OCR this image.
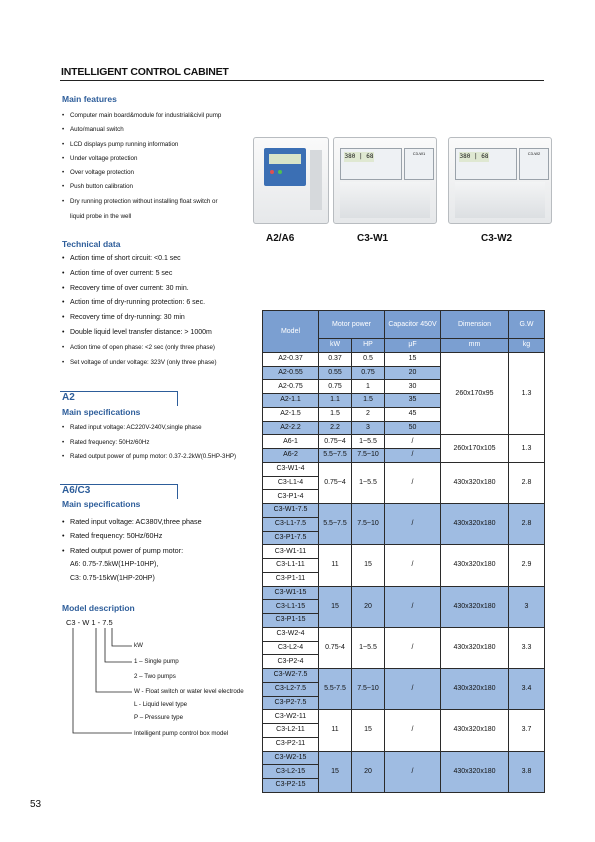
INTELLIGENT CONTROL CABINET
Main features
• Computer main board&module for industrial&civil pump
• Auto/manual switch
• LCD displays pump running information
• Under voltage protection
• Over voltage protection
• Push button calibration
• Dry running protection without installing float switch or
liquid probe in the well
Technical data
• Action time of short circuit: <0.1 sec
• Action time of over current: 5 sec
• Recovery time of over current: 30 min.
• Action time of dry-running protection: 6 sec.
• Recovery time of dry-running: 30 min
• Double liquid level transfer distance: > 1000m
• Action time of open phase: <2 sec (only three phase)
• Set voltage of under voltage: 323V (only three phase)
A2
Main specifications
• Rated input voltage: AC220V-240V,single phase
• Rated frequency: 50Hz/60Hz
• Rated output power of pump motor: 0.37-2.2kW(0.5HP-3HP)
A6/C3
Main specifications
• Rated input voltage: AC380V,three phase
• Rated frequency: 50Hz/60Hz
• Rated output power of pump motor:
A6: 0.75-7.5kW(1HP-10HP),
C3: 0.75-15kW(1HP-20HP)
Model description
C3 - W 1 - 7.5
kW
1 – Single pump
2 – Two pumps
W - Float switch or water level electrode
L - Liquid level type
P – Pressure type
Intelligent pump control box model
380 | 68	C3-W1	380 | 68	C3-W2
A2/A6	C3-W1	C3-W2
Model	Motor power		Capacitor 450V	Dimension	G.W
	kW	HP	μF	mm	kg
A2-0.37	0.37	0.5	15	260x170x95	1.3
A2-0.55	0.55	0.75	20		
A2-0.75	0.75	1	30		
A2-1.1	1.1	1.5	35		
A2-1.5	1.5	2	45		
A2-2.2	2.2	3	50		
A6-1	0.75~4	1~5.5	/	260x170x105	1.3
A6-2	5.5~7.5	7.5~10	/		
C3-W1-4	0.75~4	1~5.5	/	430x320x180	2.8
C3-L1-4					
C3-P1-4					
C3-W1-7.5	5.5~7.5	7.5~10	/	430x320x180	2.8
C3-L1-7.5					
C3-P1-7.5					
C3-W1-11	11	15	/	430x320x180	2.9
C3-L1-11					
C3-P1-11					
C3-W1-15	15	20	/	430x320x180	3
C3-L1-15					
C3-P1-15					
C3-W2-4	0.75-4	1~5.5	/	430x320x180	3.3
C3-L2-4					
C3-P2-4					
C3-W2-7.5	5.5-7.5	7.5~10	/	430x320x180	3.4
C3-L2-7.5					
C3-P2-7.5					
C3-W2-11	11	15	/	430x320x180	3.7
C3-L2-11					
C3-P2-11					
C3-W2-15	15	20	/	430x320x180	3.8
C3-L2-15					
C3-P2-15					
53
